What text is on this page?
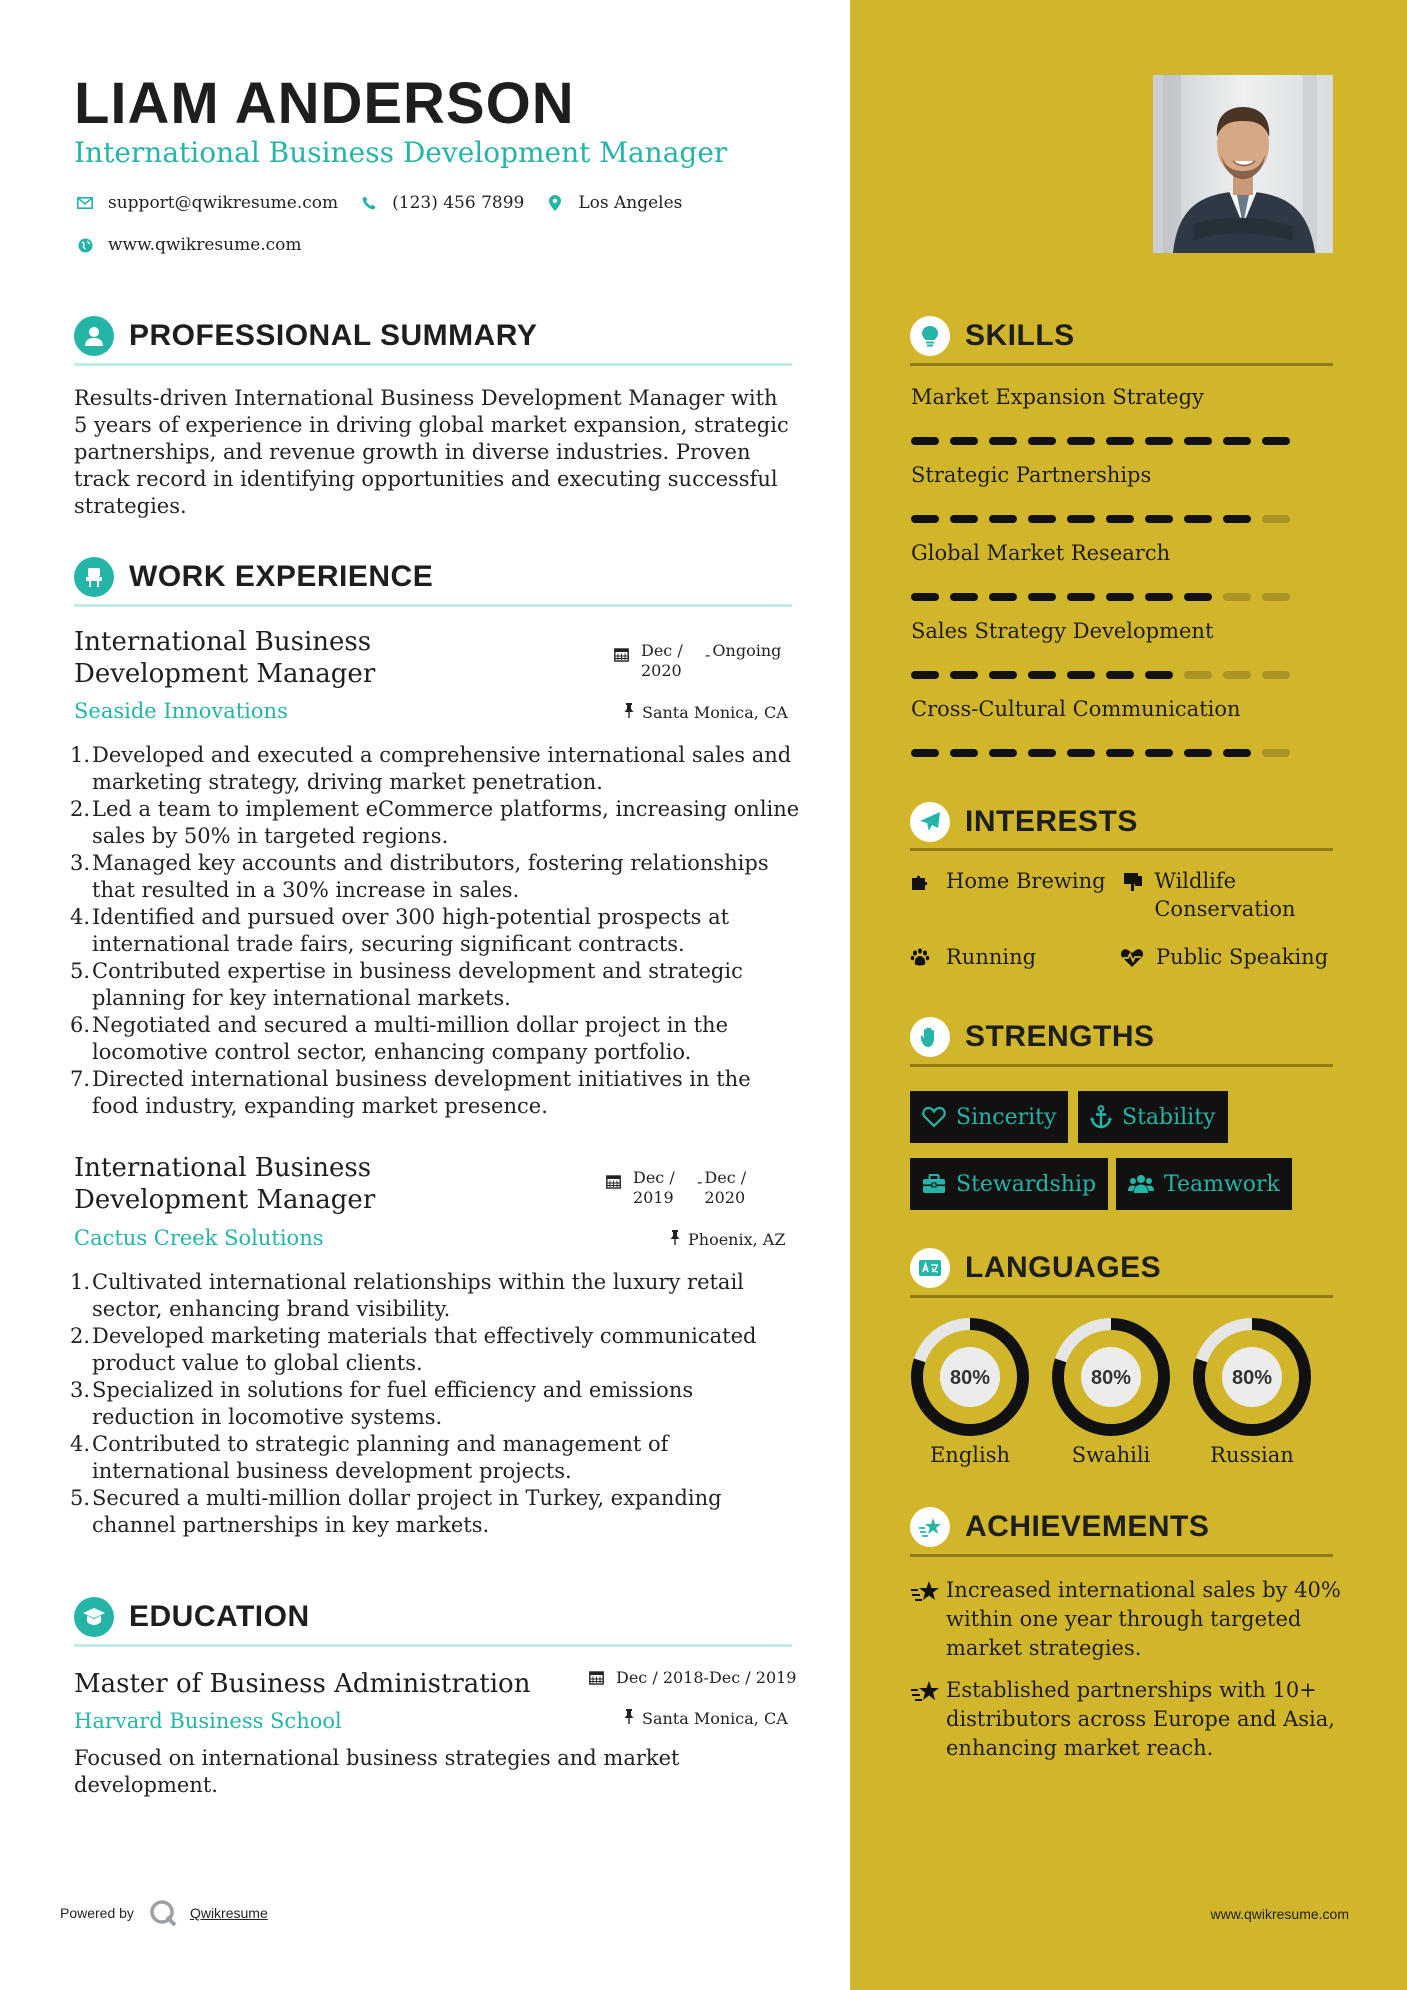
LIAM ANDERSON
International Business Development Manager
support@qwikresume.com	(123) 456 7899	Los Angeles
www.qwikresume.com
PROFESSIONAL SUMMARY
Results-driven International Business Development Manager with 5 years of experience in driving global market expansion, strategic partnerships, and revenue growth in diverse industries. Proven track record in identifying opportunities and executing successful strategies.
WORK EXPERIENCE
International Business Development Manager
Dec / 2020
- Ongoing
Seaside Innovations	Santa Monica, CA
1. Developed and executed a comprehensive international sales and marketing strategy, driving market penetration.
2. Led a team to implement eCommerce platforms, increasing online sales by 50% in targeted regions.
3. Managed key accounts and distributors, fostering relationships that resulted in a 30% increase in sales.
4. Identified and pursued over 300 high-potential prospects at international trade fairs, securing significant contracts.
5. Contributed expertise in business development and strategic planning for key international markets.
6. Negotiated and secured a multi-million dollar project in the locomotive control sector, enhancing company portfolio.
7. Directed international business development initiatives in the food industry, expanding market presence.
International Business Development Manager
Dec / 2019
- Dec / 2020
Cactus Creek Solutions	Phoenix, AZ
1. Cultivated international relationships within the luxury retail sector, enhancing brand visibility.
2. Developed marketing materials that effectively communicated product value to global clients.
3. Specialized in solutions for fuel efficiency and emissions reduction in locomotive systems.
4. Contributed to strategic planning and management of international business development projects.
5. Secured a multi-million dollar project in Turkey, expanding channel partnerships in key markets.
EDUCATION
Master of Business Administration	Dec / 2018-Dec / 2019
Harvard Business School	Santa Monica, CA
Focused on international business strategies and market development.
Powered by	Qwikresume	www.qwikresume.com
SKILLS
Market Expansion Strategy
Strategic Partnerships
Global Market Research
Sales Strategy Development
Cross-Cultural Communication
INTERESTS
Home Brewing Wildlife Conservation
Running	Public Speaking
STRENGTHS
Sincerity	Stability
Stewardship	Teamwork
LANGUAGES
80%
English
80%
Swahili
80%
Russian
ACHIEVEMENTS
Increased international sales by 40% within one year through targeted market strategies.
Established partnerships with 10+ distributors across Europe and Asia, enhancing market reach.
